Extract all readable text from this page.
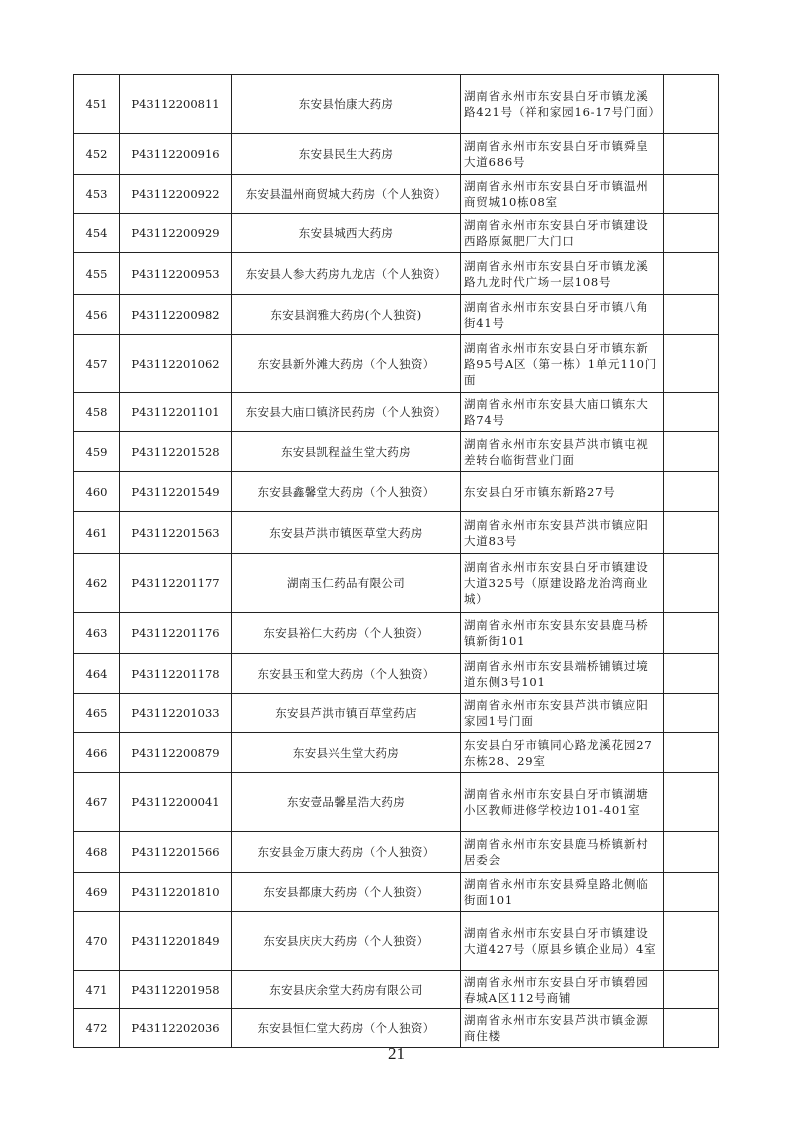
451	P43112200811	东安县怡康大药房	湖南省永州市东安县白牙市镇龙溪路421号（祥和家园16-17号门面）	
452	P43112200916	东安县民生大药房	湖南省永州市东安县白牙市镇舜皇大道686号	
453	P43112200922	东安县温州商贸城大药房（个人独资）	湖南省永州市东安县白牙市镇温州商贸城10栋08室	
454	P43112200929	东安县城西大药房	湖南省永州市东安县白牙市镇建设西路原氮肥厂大门口	
455	P43112200953	东安县人参大药房九龙店（个人独资）	湖南省永州市东安县白牙市镇龙溪路九龙时代广场一层108号	
456	P43112200982	东安县润雅大药房(个人独资)	湖南省永州市东安县白牙市镇八角街41号	
457	P43112201062	东安县新外滩大药房（个人独资）	湖南省永州市东安县白牙市镇东新路95号A区（第一栋）1单元110门面	
458	P43112201101	东安县大庙口镇济民药房（个人独资）	湖南省永州市东安县大庙口镇东大路74号	
459	P43112201528	东安县凯程益生堂大药房	湖南省永州市东安县芦洪市镇屯视差转台临街营业门面	
460	P43112201549	东安县鑫馨堂大药房（个人独资）	东安县白牙市镇东新路27号	
461	P43112201563	东安县芦洪市镇医草堂大药房	湖南省永州市东安县芦洪市镇应阳大道83号	
462	P43112201177	湖南玉仁药品有限公司	湖南省永州市东安县白牙市镇建设大道325号（原建设路龙治湾商业城）	
463	P43112201176	东安县裕仁大药房（个人独资）	湖南省永州市东安县东安县鹿马桥镇新街101	
464	P43112201178	东安县玉和堂大药房（个人独资）	湖南省永州市东安县端桥铺镇过境道东侧3号101	
465	P43112201033	东安县芦洪市镇百草堂药店	湖南省永州市东安县芦洪市镇应阳家园1号门面	
466	P43112200879	东安县兴生堂大药房	东安县白牙市镇同心路龙溪花园27东栋28、29室	
467	P43112200041	东安壹品馨星浩大药房	湖南省永州市东安县白牙市镇湖塘小区教师进修学校边101-401室	
468	P43112201566	东安县金万康大药房（个人独资）	湖南省永州市东安县鹿马桥镇新村居委会	
469	P43112201810	东安县都康大药房（个人独资）	湖南省永州市东安县舜皇路北侧临街面101	
470	P43112201849	东安县庆庆大药房（个人独资）	湖南省永州市东安县白牙市镇建设大道427号（原县乡镇企业局）4室	
471	P43112201958	东安县庆余堂大药房有限公司	湖南省永州市东安县白牙市镇碧园春城A区112号商铺	
472	P43112202036	东安县恒仁堂大药房（个人独资）	湖南省永州市东安县芦洪市镇金源商住楼	
21
